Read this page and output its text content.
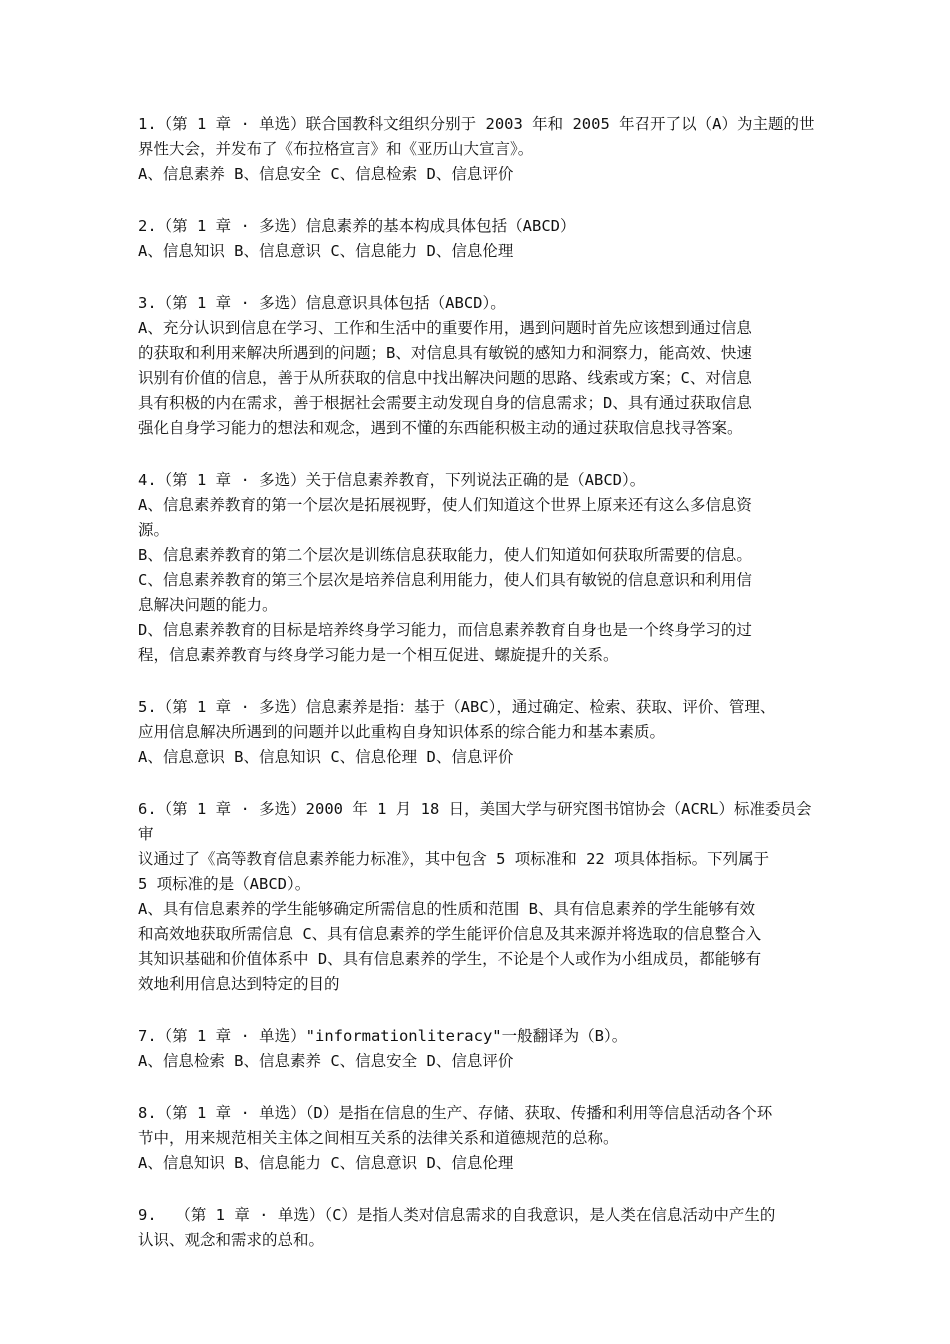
1.（第 1 章 · 单选）联合国教科文组织分别于 2003 年和 2005 年召开了以（A）为主题的世
界性大会，并发布了《布拉格宣言》和《亚历山大宣言》。
A、信息素养 B、信息安全 C、信息检索 D、信息评价
2.（第 1 章 · 多选）信息素养的基本构成具体包括（ABCD）
A、信息知识 B、信息意识 C、信息能力 D、信息伦理
3.（第 1 章 · 多选）信息意识具体包括（ABCD）。
A、充分认识到信息在学习、工作和生活中的重要作用，遇到问题时首先应该想到通过信息
的获取和利用来解决所遇到的问题；B、对信息具有敏锐的感知力和洞察力，能高效、快速
识别有价值的信息，善于从所获取的信息中找出解决问题的思路、线索或方案；C、对信息
具有积极的内在需求，善于根据社会需要主动发现自身的信息需求；D、具有通过获取信息
强化自身学习能力的想法和观念，遇到不懂的东西能积极主动的通过获取信息找寻答案。
4.（第 1 章 · 多选）关于信息素养教育，下列说法正确的是（ABCD）。
A、信息素养教育的第一个层次是拓展视野，使人们知道这个世界上原来还有这么多信息资
源。
B、信息素养教育的第二个层次是训练信息获取能力，使人们知道如何获取所需要的信息。
C、信息素养教育的第三个层次是培养信息利用能力，使人们具有敏锐的信息意识和利用信
息解决问题的能力。
D、信息素养教育的目标是培养终身学习能力，而信息素养教育自身也是一个终身学习的过
程，信息素养教育与终身学习能力是一个相互促进、螺旋提升的关系。
5.（第 1 章 · 多选）信息素养是指：基于（ABC），通过确定、检索、获取、评价、管理、
应用信息解决所遇到的问题并以此重构自身知识体系的综合能力和基本素质。
A、信息意识 B、信息知识 C、信息伦理 D、信息评价
6.（第 1 章 · 多选）2000 年 1 月 18 日，美国大学与研究图书馆协会（ACRL）标准委员会审
议通过了《高等教育信息素养能力标准》，其中包含 5 项标准和 22 项具体指标。下列属于
5 项标准的是（ABCD）。
A、具有信息素养的学生能够确定所需信息的性质和范围 B、具有信息素养的学生能够有效
和高效地获取所需信息 C、具有信息素养的学生能评价信息及其来源并将选取的信息整合入
其知识基础和价值体系中 D、具有信息素养的学生，不论是个人或作为小组成员，都能够有
效地利用信息达到特定的目的
7.（第 1 章 · 单选）"informationliteracy"一般翻译为（B）。
A、信息检索 B、信息素养 C、信息安全 D、信息评价
8.（第 1 章 · 单选）（D）是指在信息的生产、存储、获取、传播和利用等信息活动各个环
节中，用来规范相关主体之间相互关系的法律关系和道德规范的总称。
A、信息知识 B、信息能力 C、信息意识 D、信息伦理
9.  （第 1 章 · 单选）（C）是指人类对信息需求的自我意识，是人类在信息活动中产生的
认识、观念和需求的总和。
